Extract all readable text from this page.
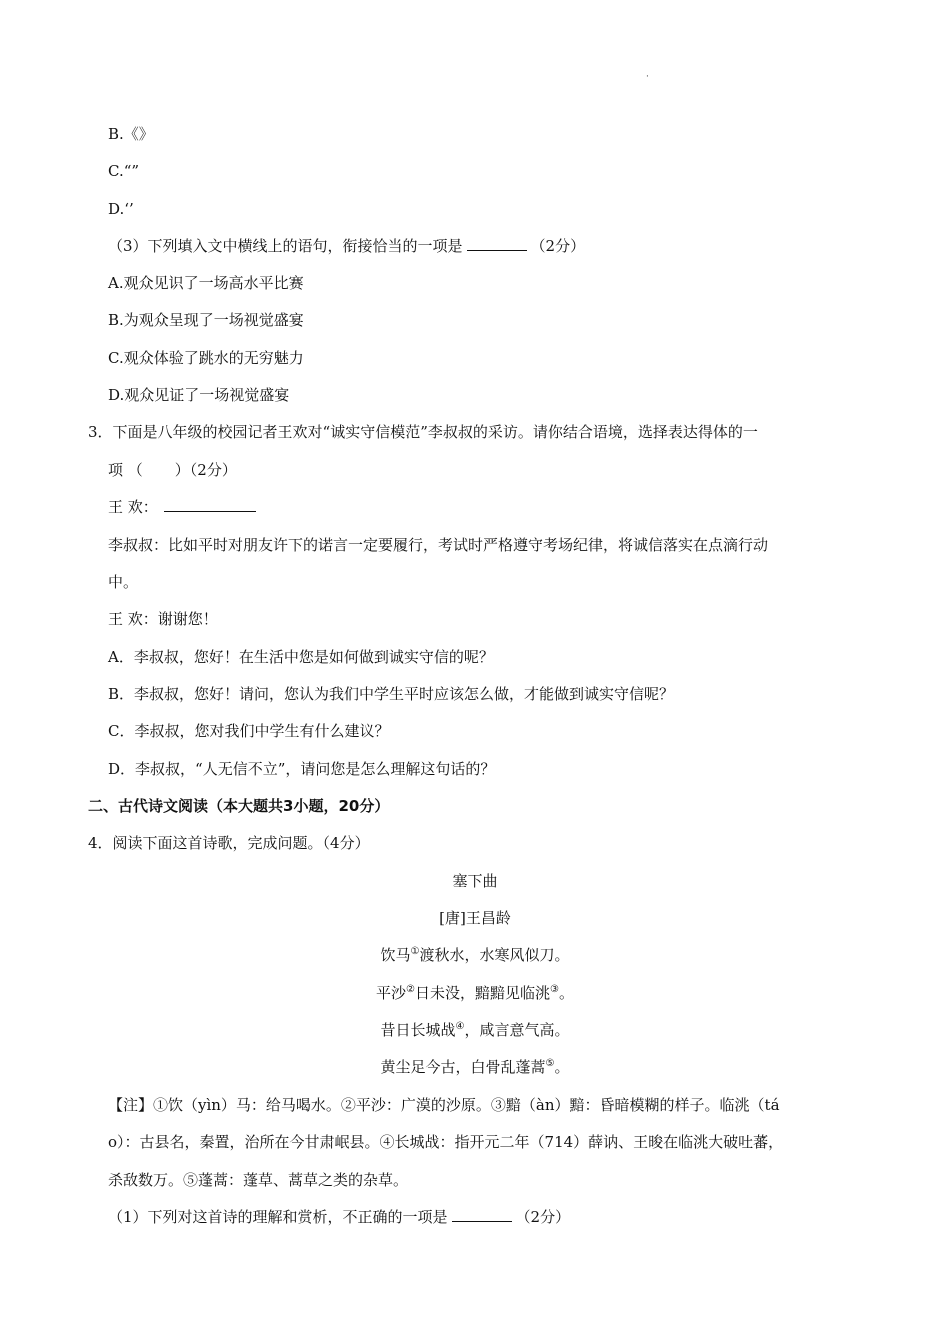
·
B.《》
C.“”
D.‘’
（3）下列填入文中横线上的语句，衔接恰当的一项是	（2分）
A.观众见识了一场高水平比赛
B.为观众呈现了一场视觉盛宴
C.观众体验了跳水的无穷魅力
D.观众见证了一场视觉盛宴
3．下面是八年级的校园记者王欢对“诚实守信模范”李叔叔的采访。请你结合语境，选择表达得体的一
项 （ ）（2分）
王 欢：
李叔叔：比如平时对朋友许下的诺言一定要履行，考试时严格遵守考场纪律，将诚信落实在点滴行动
中。
王 欢：谢谢您！
A．李叔叔，您好！在生活中您是如何做到诚实守信的呢？
B．李叔叔，您好！请问，您认为我们中学生平时应该怎么做，才能做到诚实守信呢？
C．李叔叔，您对我们中学生有什么建议？
D．李叔叔，“人无信不立”，请问您是怎么理解这句话的？
二、古代诗文阅读（本大题共3小题，20分）
4．阅读下面这首诗歌，完成问题。（4分）
塞下曲
[唐]王昌龄
饮马①渡秋水，水寒风似刀。
平沙②日未没，黯黯见临洮③。
昔日长城战④，咸言意气高。
黄尘足今古，白骨乱蓬蒿⑤。
【注】①饮（yìn）马：给马喝水。②平沙：广漠的沙原。③黯（àn）黯：昏暗模糊的样子。临洮（tá
o）：古县名，秦置，治所在今甘肃岷县。④长城战：指开元二年（714）薛讷、王晙在临洮大破吐蕃，
杀敌数万。⑤蓬蒿：蓬草、蒿草之类的杂草。
（1）下列对这首诗的理解和赏析，不正确的一项是	（2分）
